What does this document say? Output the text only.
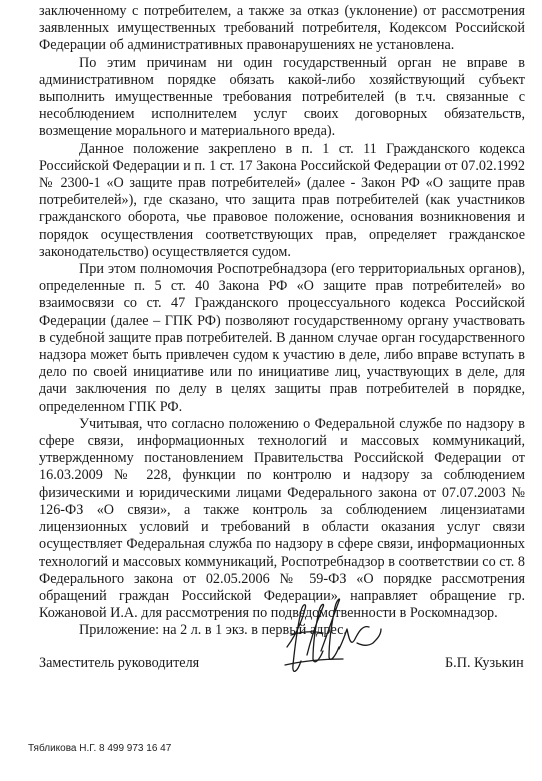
заключенному с потребителем, а также за отказ (уклонение) от рассмотрения заявленных имущественных требований потребителя, Кодексом Российской Федерации об административных правонарушениях не установлена.

По этим причинам ни один государственный орган не вправе в административном порядке обязать какой-либо хозяйствующий субъект выполнить имущественные требования потребителей (в т.ч. связанные с несоблюдением исполнителем услуг своих договорных обязательств, возмещение морального и материального вреда).

Данное положение закреплено в п. 1 ст. 11 Гражданского кодекса Российской Федерации и п. 1 ст. 17 Закона Российской Федерации от 07.02.1992 № 2300-1 «О защите прав потребителей» (далее - Закон РФ «О защите прав потребителей»), где сказано, что защита прав потребителей (как участников гражданского оборота, чье правовое положение, основания возникновения и порядок осуществления соответствующих прав, определяет гражданское законодательство) осуществляется судом.

При этом полномочия Роспотребнадзора (его территориальных органов), определенные п. 5 ст. 40 Закона РФ «О защите прав потребителей» во взаимосвязи со ст. 47 Гражданского процессуального кодекса Российской Федерации (далее – ГПК РФ) позволяют государственному органу участвовать в судебной защите прав потребителей. В данном случае орган государственного надзора может быть привлечен судом к участию в деле, либо вправе вступать в дело по своей инициативе или по инициативе лиц, участвующих в деле, для дачи заключения по делу в целях защиты прав потребителей в порядке, определенном ГПК РФ.

Учитывая, что согласно положению о Федеральной службе по надзору в сфере связи, информационных технологий и массовых коммуникаций, утвержденному постановлением Правительства Российской Федерации от 16.03.2009 № 228, функции по контролю и надзору за соблюдением физическими и юридическими лицами Федерального закона от 07.07.2003 № 126-ФЗ «О связи», а также контроль за соблюдением лицензиатами лицензионных условий и требований в области оказания услуг связи осуществляет Федеральная служба по надзору в сфере связи, информационных технологий и массовых коммуникаций, Роспотребнадзор в соответствии со ст. 8 Федерального закона от 02.05.2006 № 59-ФЗ «О порядке рассмотрения обращений граждан Российской Федерации» направляет обращение гр. Кожановой И.А. для рассмотрения по подведомственности в Роскомнадзор.

Приложение: на 2 л. в 1 экз. в первый адрес.

Заместитель руководителя	Б.П. Кузькин
Тябликова Н.Г. 8 499 973 16 47
